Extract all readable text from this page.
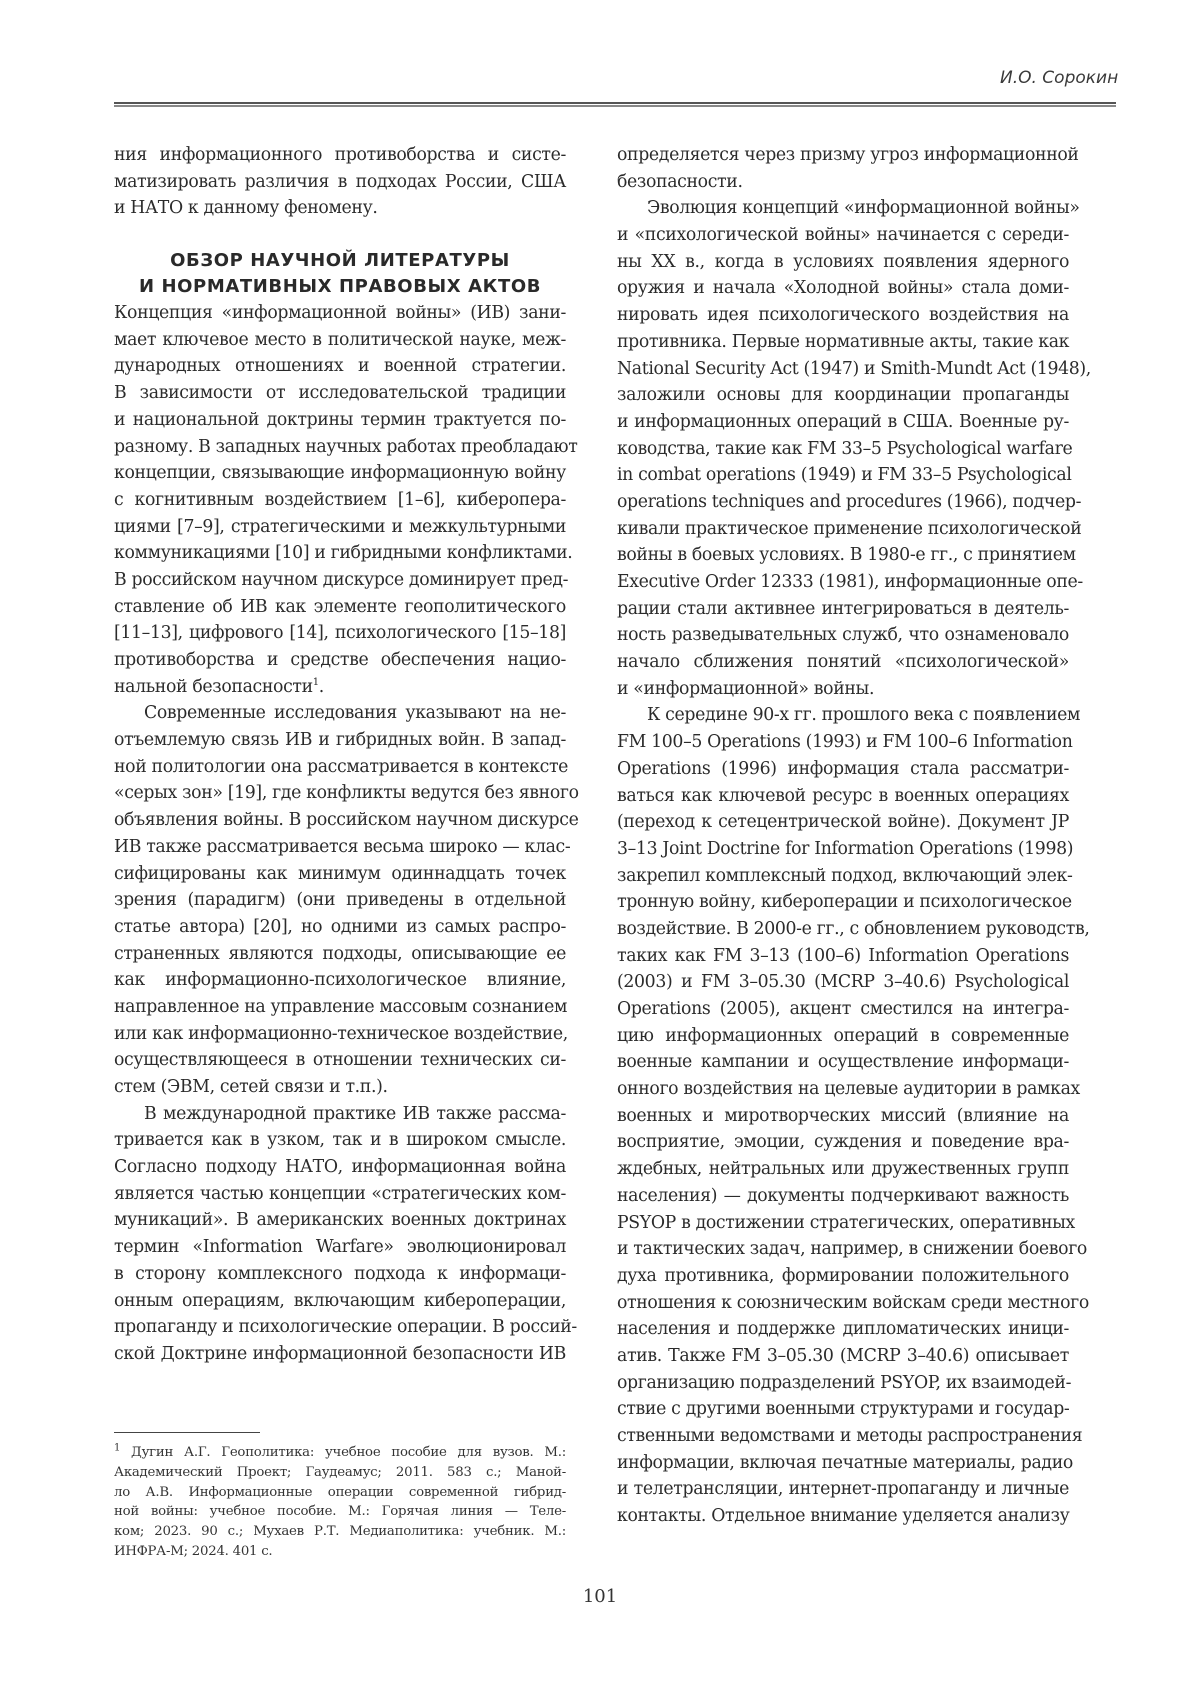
И.О. Сорокин
ния информационного противоборства и систе-
матизировать различия в подходах России, США
и НАТО к данному феномену.
ОБЗОР НАУЧНОЙ ЛИТЕРАТУРЫ
И НОРМАТИВНЫХ ПРАВОВЫХ АКТОВ
Концепция «информационной войны» (ИВ) зани-
мает ключевое место в политической науке, меж-
дународных отношениях и военной стратегии.
В зависимости от исследовательской традиции
и национальной доктрины термин трактуется по-
разному. В западных научных работах преобладают
концепции, связывающие информационную войну
с когнитивным воздействием [1–6], киберопера-
циями [7–9], стратегическими и межкультурными
коммуникациями [10] и гибридными конфликтами.
В российском научном дискурсе доминирует пред-
ставление об ИВ как элементе геополитического
[11–13], цифрового [14], психологического [15–18]
противоборства и средстве обеспечения нацио-
нальной безопасности$^1$.
Современные исследования указывают на не-
отъемлемую связь ИВ и гибридных войн. В запад-
ной политологии она рассматривается в контексте
«серых зон» [19], где конфликты ведутся без явного
объявления войны. В российском научном дискурсе
ИВ также рассматривается весьма широко — клас-
сифицированы как минимум одиннадцать точек
зрения (парадигм) (они приведены в отдельной
статье автора) [20], но одними из самых распро-
страненных являются подходы, описывающие ее
как информационно-психологическое влияние,
направленное на управление массовым сознанием
или как информационно-техническое воздействие,
осуществляющееся в отношении технических си-
стем (ЭВМ, сетей связи и т.п.).
В международной практике ИВ также рассма-
тривается как в узком, так и в широком смысле.
Согласно подходу НАТО, информационная война
является частью концепции «стратегических ком-
муникаций». В американских военных доктринах
термин «Information Warfare» эволюционировал
в сторону комплексного подхода к информаци-
онным операциям, включающим кибероперации,
пропаганду и психологические операции. В россий-
ской Доктрине информационной безопасности ИВ
определяется через призму угроз информационной
безопасности.
Эволюция концепций «информационной войны»
и «психологической войны» начинается с середи-
ны XX в., когда в условиях появления ядерного
оружия и начала «Холодной войны» стала доми-
нировать идея психологического воздействия на
противника. Первые нормативные акты, такие как
National Security Act (1947) и Smith-Mundt Act (1948),
заложили основы для координации пропаганды
и информационных операций в США. Военные ру-
ководства, такие как FM 33–5 Psychological warfare
in combat operations (1949) и FM 33–5 Psychological
operations techniques and procedures (1966), подчер-
кивали практическое применение психологической
войны в боевых условиях. В 1980-е гг., с принятием
Executive Order 12333 (1981), информационные опе-
рации стали активнее интегрироваться в деятель-
ность разведывательных служб, что ознаменовало
начало сближения понятий «психологической»
и «информационной» войны.
К середине 90-х гг. прошлого века с появлением
FM 100–5 Operations (1993) и FM 100–6 Information
Operations (1996) информация стала рассматри-
ваться как ключевой ресурс в военных операциях
(переход к сетецентрической войне). Документ JP
3–13 Joint Doctrine for Information Operations (1998)
закрепил комплексный подход, включающий элек-
тронную войну, кибероперации и психологическое
воздействие. В 2000-е гг., с обновлением руководств,
таких как FM 3–13 (100–6) Information Operations
(2003) и FM 3–05.30 (MCRP 3–40.6) Psychological
Operations (2005), акцент сместился на интегра-
цию информационных операций в современные
военные кампании и осуществление информаци-
онного воздействия на целевые аудитории в рамках
военных и миротворческих миссий (влияние на
восприятие, эмоции, суждения и поведение вра-
ждебных, нейтральных или дружественных групп
населения) — документы подчеркивают важность
PSYOP в достижении стратегических, оперативных
и тактических задач, например, в снижении боевого
духа противника, формировании положительного
отношения к союзническим войскам среди местного
населения и поддержке дипломатических иници-
атив. Также FM 3–05.30 (MCRP 3–40.6) описывает
организацию подразделений PSYOP, их взаимодей-
ствие с другими военными структурами и государ-
ственными ведомствами и методы распространения
информации, включая печатные материалы, радио
и телетрансляции, интернет-пропаганду и личные
контакты. Отдельное внимание уделяется анализу
$^1$ Дугин А.Г. Геополитика: учебное пособие для вузов. М.:
Академический Проект; Гаудеамус; 2011. 583 с.; Маной-
ло А.В. Информационные операции современной гибрид-
ной войны: учебное пособие. М.: Горячая линия — Теле-
ком; 2023. 90 с.; Мухаев Р.Т. Медиаполитика: учебник. М.:
ИНФРА-М; 2024. 401 с.
101
